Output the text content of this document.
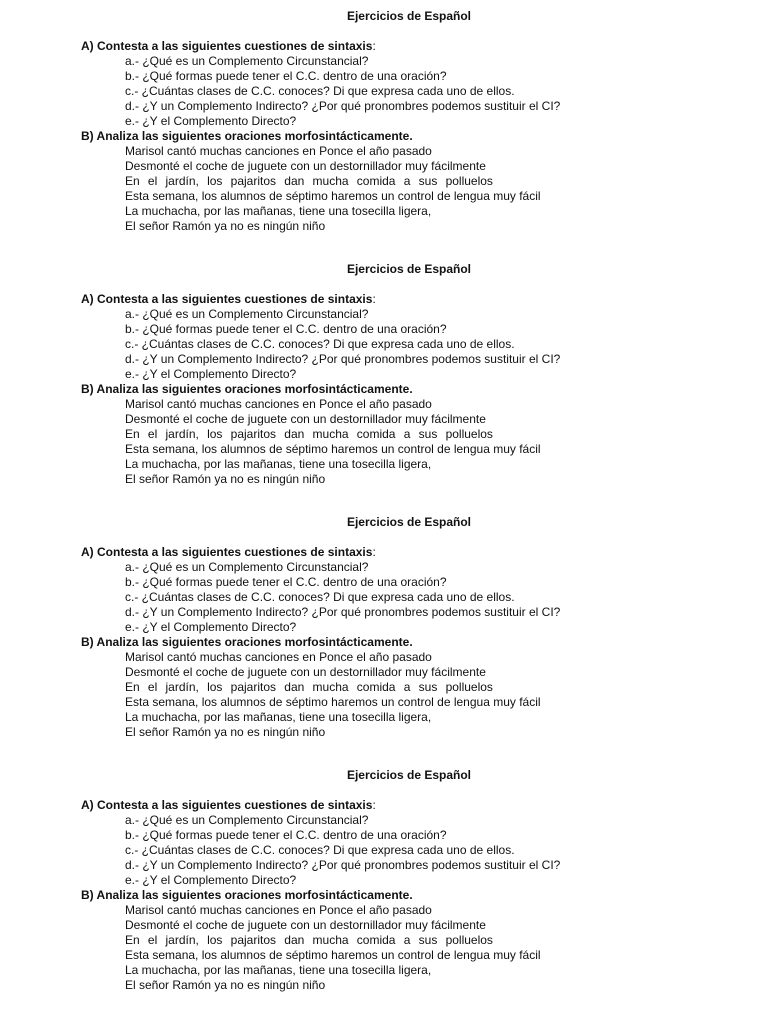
Ejercicios de Español
A) Contesta a las siguientes cuestiones de sintaxis:
a.- ¿Qué es un Complemento Circunstancial?
b.- ¿Qué formas puede tener el C.C. dentro de una oración?
c.- ¿Cuántas clases de C.C. conoces? Di que expresa cada uno de ellos.
d.- ¿Y un Complemento Indirecto? ¿Por qué pronombres podemos sustituir el CI?
e.- ¿Y el Complemento Directo?
B) Analiza las siguientes oraciones morfosintácticamente.
Marisol cantó muchas canciones en Ponce el año pasado
Desmonté el coche de juguete con un destornillador muy fácilmente
En el jardín, los pajaritos dan mucha comida a sus polluelos
Esta semana, los alumnos de séptimo haremos un control de lengua muy fácil
La muchacha, por las mañanas, tiene una tosecilla ligera,
El señor Ramón ya no es ningún niño
Ejercicios de Español
A) Contesta a las siguientes cuestiones de sintaxis:
a.- ¿Qué es un Complemento Circunstancial?
b.- ¿Qué formas puede tener el C.C. dentro de una oración?
c.- ¿Cuántas clases de C.C. conoces? Di que expresa cada uno de ellos.
d.- ¿Y un Complemento Indirecto? ¿Por qué pronombres podemos sustituir el CI?
e.- ¿Y el Complemento Directo?
B) Analiza las siguientes oraciones morfosintácticamente.
Marisol cantó muchas canciones en Ponce el año pasado
Desmonté el coche de juguete con un destornillador muy fácilmente
En el jardín, los pajaritos dan mucha comida a sus polluelos
Esta semana, los alumnos de séptimo haremos un control de lengua muy fácil
La muchacha, por las mañanas, tiene una tosecilla ligera,
El señor Ramón ya no es ningún niño
Ejercicios de Español
A) Contesta a las siguientes cuestiones de sintaxis:
a.- ¿Qué es un Complemento Circunstancial?
b.- ¿Qué formas puede tener el C.C. dentro de una oración?
c.- ¿Cuántas clases de C.C. conoces? Di que expresa cada uno de ellos.
d.- ¿Y un Complemento Indirecto? ¿Por qué pronombres podemos sustituir el CI?
e.- ¿Y el Complemento Directo?
B) Analiza las siguientes oraciones morfosintácticamente.
Marisol cantó muchas canciones en Ponce el año pasado
Desmonté el coche de juguete con un destornillador muy fácilmente
En el jardín, los pajaritos dan mucha comida a sus polluelos
Esta semana, los alumnos de séptimo haremos un control de lengua muy fácil
La muchacha, por las mañanas, tiene una tosecilla ligera,
El señor Ramón ya no es ningún niño
Ejercicios de Español
A) Contesta a las siguientes cuestiones de sintaxis:
a.- ¿Qué es un Complemento Circunstancial?
b.- ¿Qué formas puede tener el C.C. dentro de una oración?
c.- ¿Cuántas clases de C.C. conoces? Di que expresa cada uno de ellos.
d.- ¿Y un Complemento Indirecto? ¿Por qué pronombres podemos sustituir el CI?
e.- ¿Y el Complemento Directo?
B) Analiza las siguientes oraciones morfosintácticamente.
Marisol cantó muchas canciones en Ponce el año pasado
Desmonté el coche de juguete con un destornillador muy fácilmente
En el jardín, los pajaritos dan mucha comida a sus polluelos
Esta semana, los alumnos de séptimo haremos un control de lengua muy fácil
La muchacha, por las mañanas, tiene una tosecilla ligera,
El señor Ramón ya no es ningún niño
